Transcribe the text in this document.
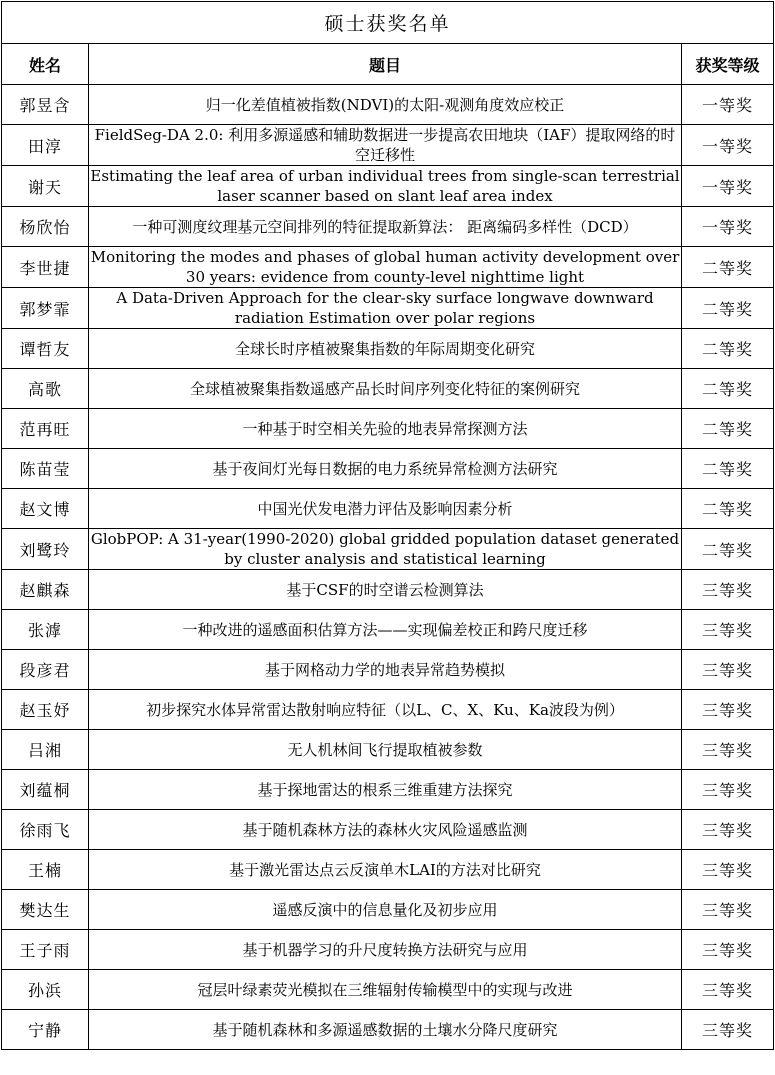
硕士获奖名单		
姓名	题目	获奖等级
郭昱含	归一化差值植被指数(NDVI)的太阳-观测角度效应校正	一等奖
田淳	FieldSeg-DA 2.0: 利用多源遥感和辅助数据进一步提高农田地块（IAF）提取网络的时空迁移性	一等奖
谢天	Estimating the leaf area of urban individual trees from single-scan terrestrial laser scanner based on slant leaf area index	一等奖
杨欣怡	一种可测度纹理基元空间排列的特征提取新算法： 距离编码多样性（DCD）	一等奖
李世捷	Monitoring the modes and phases of global human activity development over 30 years: evidence from county-level nighttime light	二等奖
郭梦霏	A Data-Driven Approach for the clear-sky surface longwave downward radiation Estimation over polar regions	二等奖
谭哲友	全球长时序植被聚集指数的年际周期变化研究	二等奖
高歌	全球植被聚集指数遥感产品长时间序列变化特征的案例研究	二等奖
范再旺	一种基于时空相关先验的地表异常探测方法	二等奖
陈苗莹	基于夜间灯光每日数据的电力系统异常检测方法研究	二等奖
赵文博	中国光伏发电潜力评估及影响因素分析	二等奖
刘鹭玲	GlobPOP: A 31-year(1990-2020) global gridded population dataset generated by cluster analysis and statistical learning	二等奖
赵麒森	基于CSF的时空谱云检测算法	三等奖
张滹	一种改进的遥感面积估算方法——实现偏差校正和跨尺度迁移	三等奖
段彦君	基于网格动力学的地表异常趋势模拟	三等奖
赵玉妤	初步探究水体异常雷达散射响应特征（以L、C、X、Ku、Ka波段为例）	三等奖
吕湘	无人机林间飞行提取植被参数	三等奖
刘蕴桐	基于探地雷达的根系三维重建方法探究	三等奖
徐雨飞	基于随机森林方法的森林火灾风险遥感监测	三等奖
王楠	基于激光雷达点云反演单木LAI的方法对比研究	三等奖
樊达生	遥感反演中的信息量化及初步应用	三等奖
王子雨	基于机器学习的升尺度转换方法研究与应用	三等奖
孙浜	冠层叶绿素荧光模拟在三维辐射传输模型中的实现与改进	三等奖
宁静	基于随机森林和多源遥感数据的土壤水分降尺度研究	三等奖
